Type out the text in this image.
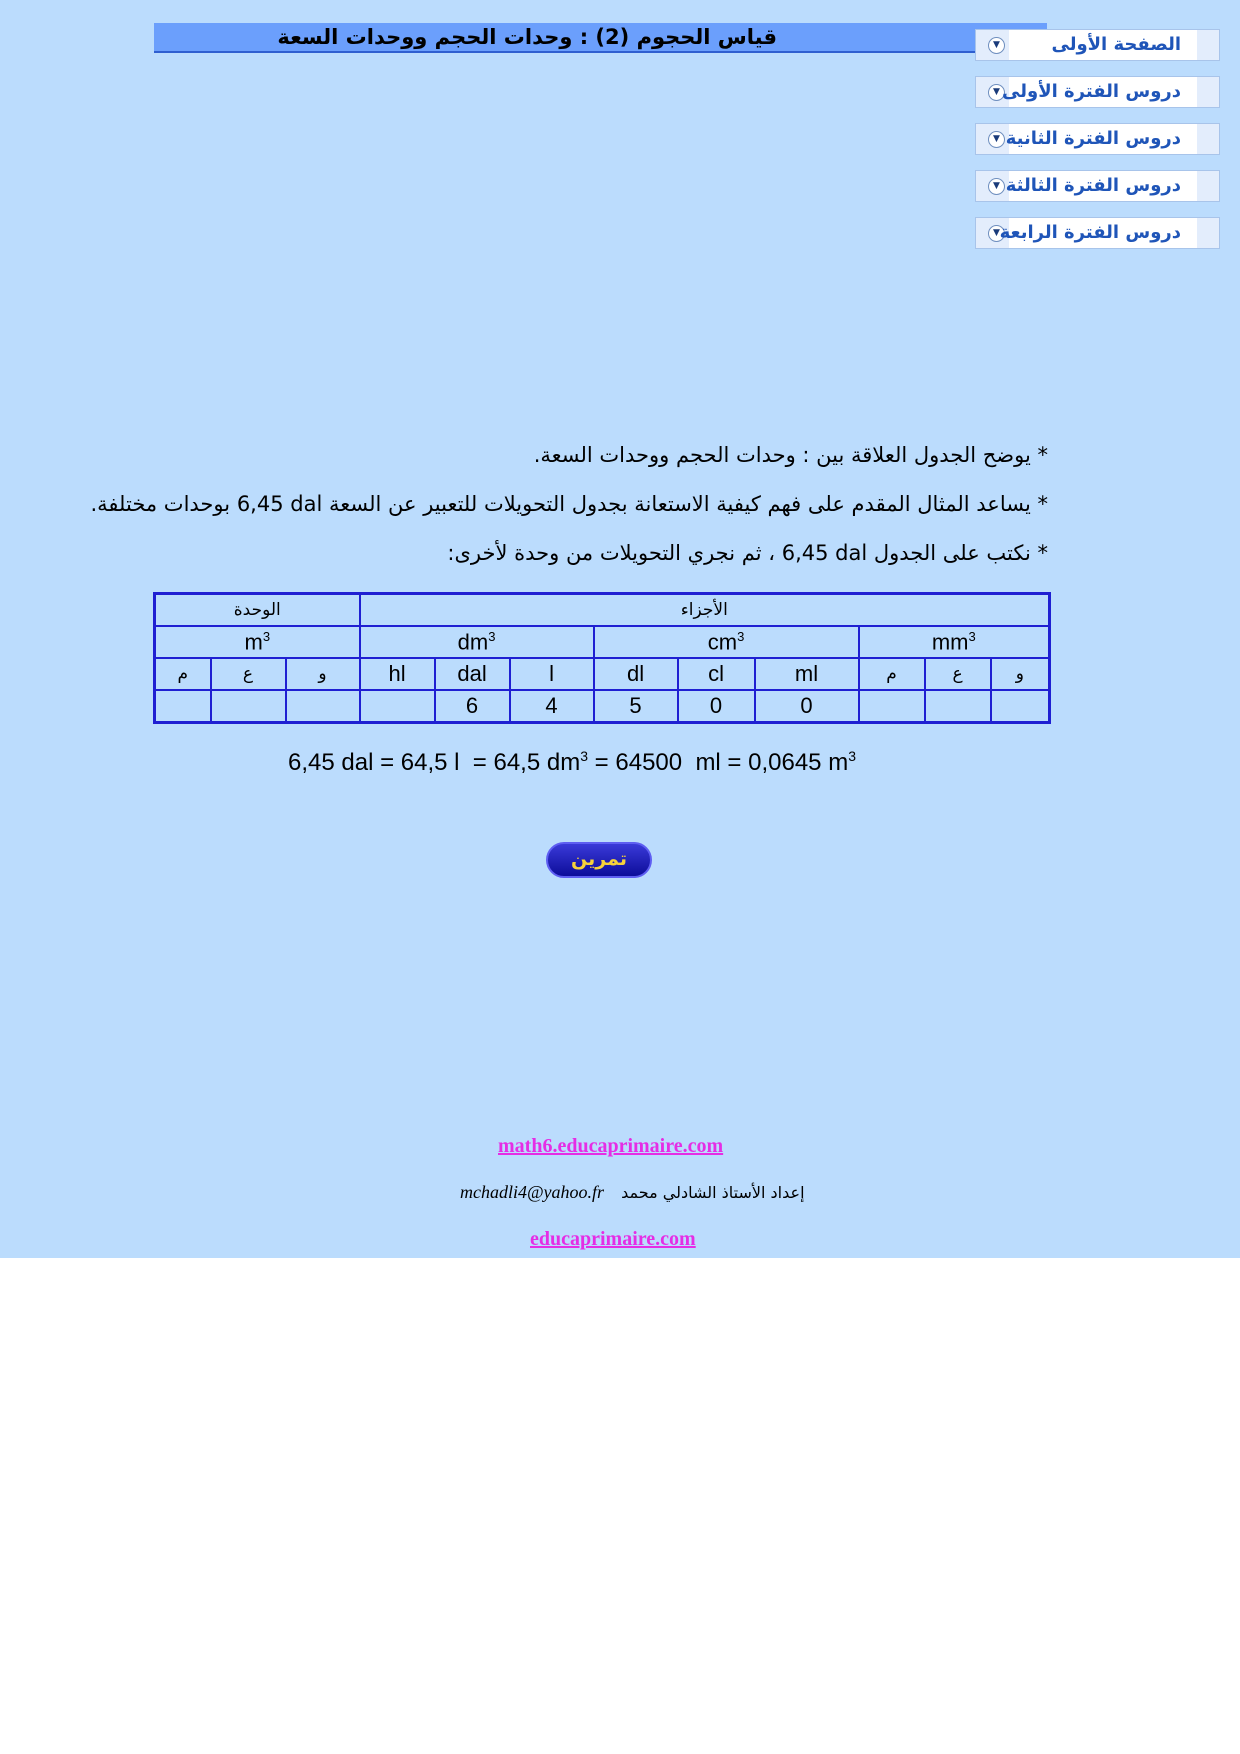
قياس الحجوم (2) : وحدات الحجم ووحدات السعة	▼	الصفحة الأولى
▼ دروس الفترة الأولى
▼ دروس الفترة الثانية
▼ دروس الفترة الثالثة
▼ دروس الفترة الرابعة
* يوضح الجدول العلاقة بين : وحدات الحجم ووحدات السعة.
* يساعد المثال المقدم على فهم كيفية الاستعانة بجدول التحويلات للتعبير عن السعة 6,45 dal بوحدات مختلفة.
* نكتب على الجدول 6,45 dal ، ثم نجري التحويلات من وحدة لأخرى:
الوحدة			الأجزاء								
$m^3$			$dm^3$			$cm^3$			$mm^3$
م	ع	و	hl	dal	l	dl	cl	ml	م	ع	و
				6	4	5	0	0			
6,45 dal = 64,5 l  = 64,5 $dm^3 = 64500$  ml = 0,0645 $m^3$
تمرين
math6.educaprimaire.com
mchadli4@yahoo.fr إعداد الأستاذ الشادلي محمد
educaprimaire.com
